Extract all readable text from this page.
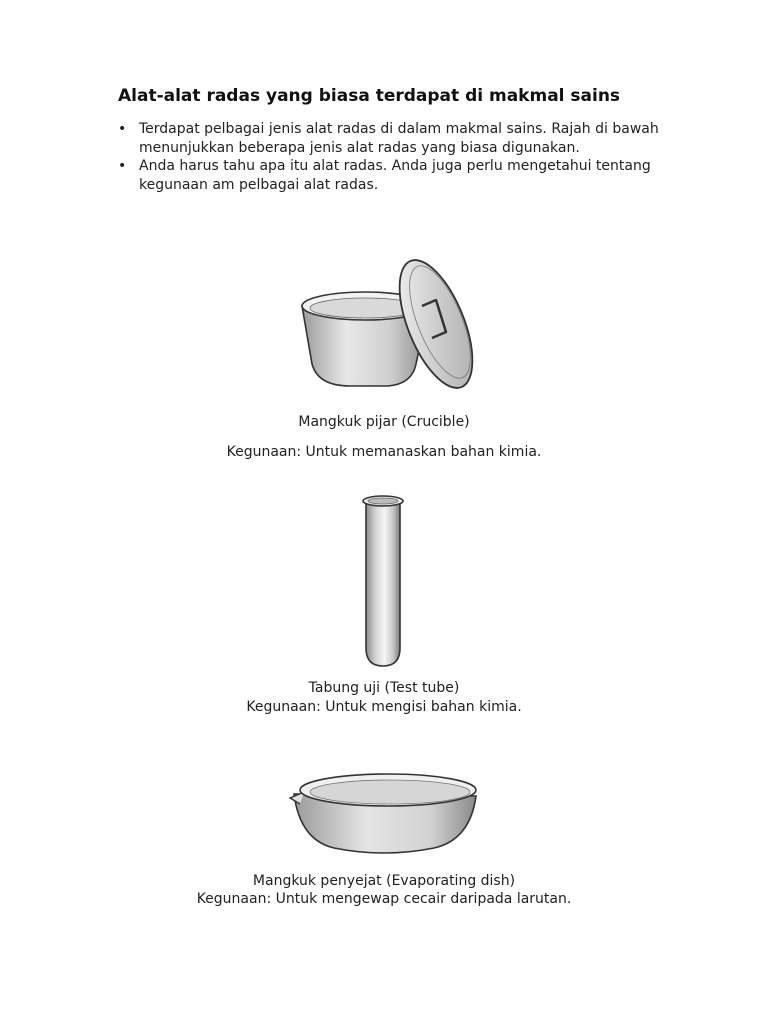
Alat-alat radas yang biasa terdapat di makmal sains
• Terdapat pelbagai jenis alat radas di dalam makmal sains. Rajah di bawah menunjukkan beberapa jenis alat radas yang biasa digunakan.
• Anda harus tahu apa itu alat radas. Anda juga perlu mengetahui tentang kegunaan am pelbagai alat radas.

Mangkuk pijar (Crucible)

Kegunaan: Untuk memanaskan bahan kimia.

Tabung uji (Test tube)

Kegunaan: Untuk mengisi bahan kimia.

Mangkuk penyejat (Evaporating dish)

Kegunaan: Untuk mengewap cecair daripada larutan.
